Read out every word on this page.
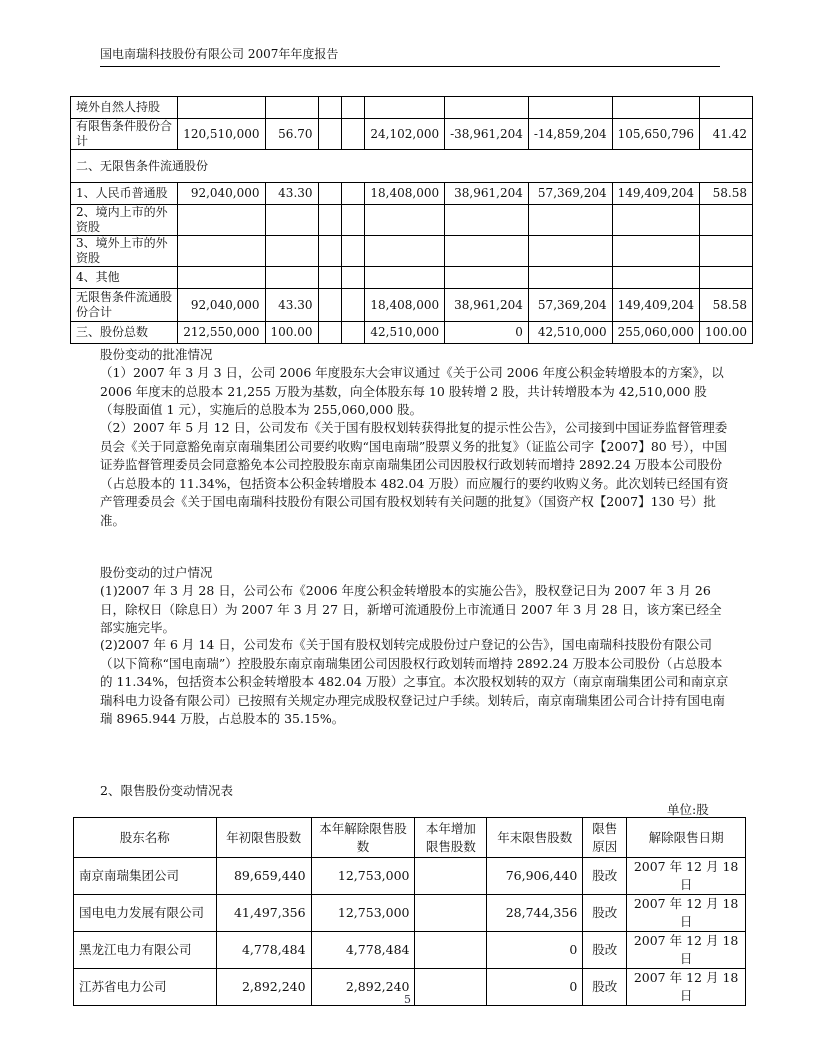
国电南瑞科技股份有限公司 2007年年度报告
境外自然人持股									
有限售条件股份合计	120,510,000	56.70			24,102,000	-38,961,204	-14,859,204	105,650,796	41.42
二、无限售条件流通股份									
1、人民币普通股	92,040,000	43.30			18,408,000	38,961,204	57,369,204	149,409,204	58.58
2、境内上市的外资股									
3、境外上市的外资股									
4、其他									
无限售条件流通股份合计	92,040,000	43.30			18,408,000	38,961,204	57,369,204	149,409,204	58.58
三、股份总数	212,550,000	100.00			42,510,000	0	42,510,000	255,060,000	100.00
股份变动的批准情况
（1）2007 年 3 月 3 日，公司 2006 年度股东大会审议通过《关于公司 2006 年度公积金转增股本的方案》，以 2006 年度末的总股本 21,255 万股为基数，向全体股东每 10 股转增 2 股，共计转增股本为 42,510,000 股（每股面值 1 元），实施后的总股本为 255,060,000 股。
（2）2007 年 5 月 12 日，公司发布《关于国有股权划转获得批复的提示性公告》，公司接到中国证券监督管理委员会《关于同意豁免南京南瑞集团公司要约收购“国电南瑞”股票义务的批复》（证监公司字【2007】80 号），中国证券监督管理委员会同意豁免本公司控股股东南京南瑞集团公司因股权行政划转而增持 2892.24 万股本公司股份（占总股本的 11.34%，包括资本公积金转增股本 482.04 万股）而应履行的要约收购义务。此次划转已经国有资产管理委员会《关于国电南瑞科技股份有限公司国有股权划转有关问题的批复》（国资产权【2007】130 号）批准。
股份变动的过户情况
(1)2007 年 3 月 28 日，公司公布《2006 年度公积金转增股本的实施公告》，股权登记日为 2007 年 3 月 26 日，除权日（除息日）为 2007 年 3 月 27 日，新增可流通股份上市流通日 2007 年 3 月 28 日，该方案已经全部实施完毕。
(2)2007 年 6 月 14 日，公司发布《关于国有股权划转完成股份过户登记的公告》，国电南瑞科技股份有限公司（以下简称“国电南瑞”）控股股东南京南瑞集团公司因股权行政划转而增持 2892.24 万股本公司股份（占总股本的 11.34%，包括资本公积金转增股本 482.04 万股）之事宜。本次股权划转的双方（南京南瑞集团公司和南京京瑞科电力设备有限公司）已按照有关规定办理完成股权登记过户手续。划转后，南京南瑞集团公司合计持有国电南瑞 8965.944 万股，占总股本的 35.15%。
2、限售股份变动情况表
单位:股
股东名称	年初限售股数	本年解除限售股数	本年增加限售股数	年末限售股数	限售原因	解除限售日期
南京南瑞集团公司	89,659,440	12,753,000		76,906,440	股改	2007 年 12 月 18 日
国电电力发展有限公司	41,497,356	12,753,000		28,744,356	股改	2007 年 12 月 18 日
黑龙江电力有限公司	4,778,484	4,778,484		0	股改	2007 年 12 月 18 日
江苏省电力公司	2,892,240	2,892,240		0	股改	2007 年 12 月 18 日
5
